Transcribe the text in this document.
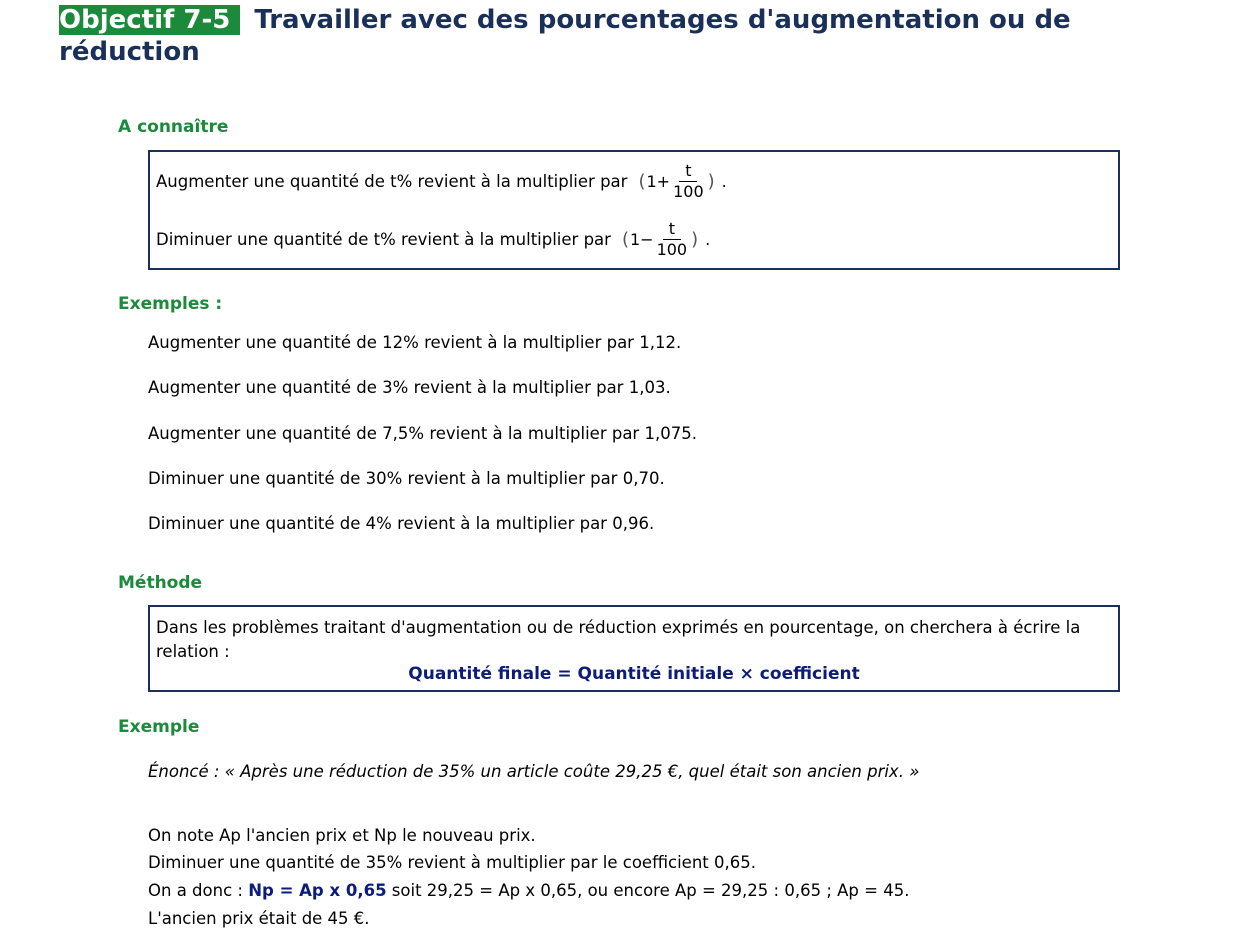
Objectif 7-5 Travailler avec des pourcentages d'augmentation ou de réduction
A connaître
Augmenter une quantité de t% revient à la multiplier par ( $1+ \frac{t}{100}$ ) .
Diminuer une quantité de t% revient à la multiplier par ( $1- \frac{t}{100}$ ) .
Exemples :
Augmenter une quantité de 12% revient à la multiplier par 1,12.
Augmenter une quantité de 3% revient à la multiplier par 1,03.
Augmenter une quantité de 7,5% revient à la multiplier par 1,075.
Diminuer une quantité de 30% revient à la multiplier par 0,70.
Diminuer une quantité de 4% revient à la multiplier par 0,96.
Méthode
Dans les problèmes traitant d'augmentation ou de réduction exprimés en pourcentage, on cherchera à écrire la relation :
Quantité finale = Quantité initiale × coefficient
Exemple
Énoncé : « Après une réduction de 35% un article coûte 29,25 €, quel était son ancien prix. »
On note Ap l'ancien prix et Np le nouveau prix.
Diminuer une quantité de 35% revient à multiplier par le coefficient 0,65.
On a donc : Np = Ap x 0,65 soit 29,25 = Ap x 0,65, ou encore Ap = 29,25 : 0,65 ; Ap = 45.
L'ancien prix était de 45 €.
